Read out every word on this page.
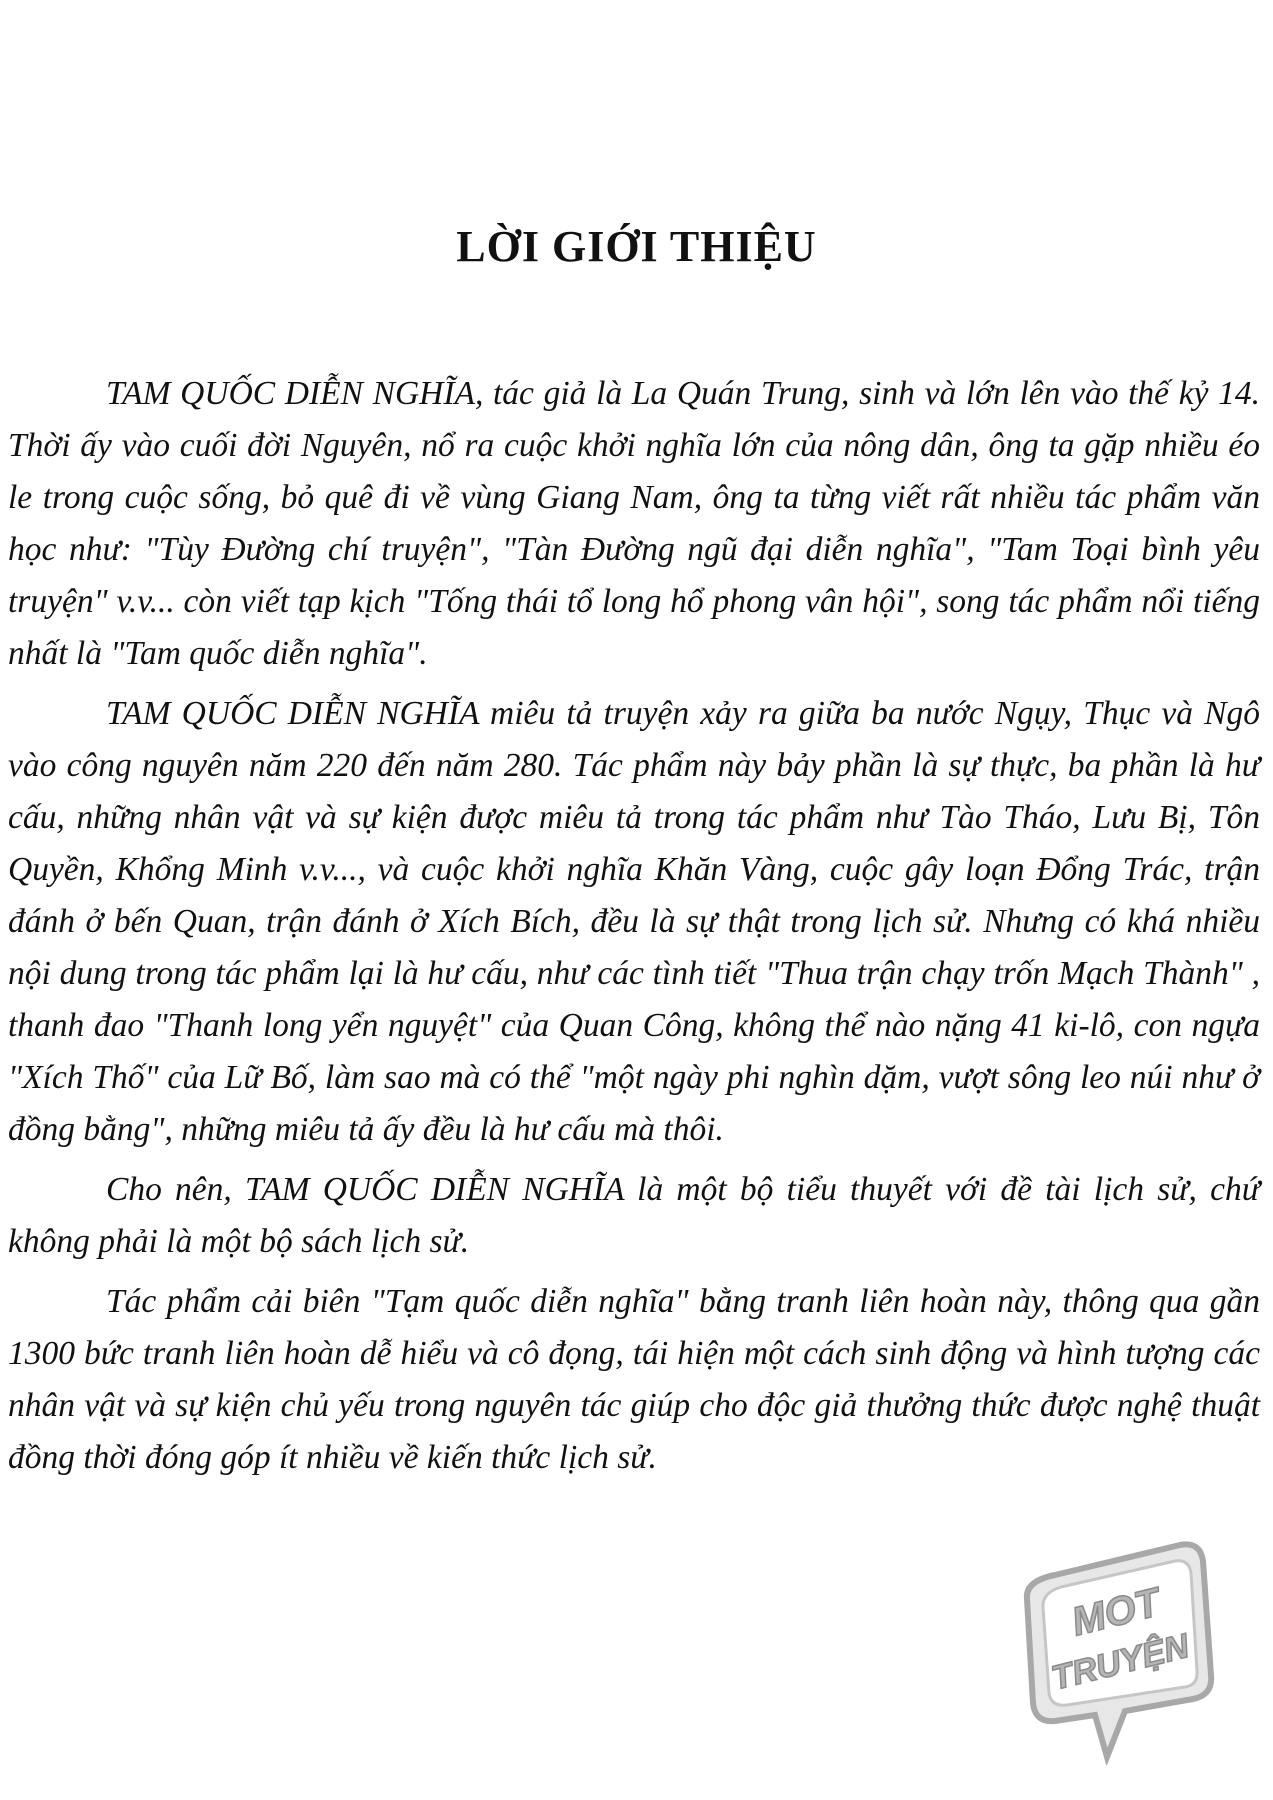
LỜI GIỚI THIỆU

TAM QUỐC DIỄN NGHĨA, tác giả là La Quán Trung, sinh và lớn lên vào thế kỷ 14. Thời ấy vào cuối đời Nguyên, nổ ra cuộc khởi nghĩa lớn của nông dân, ông ta gặp nhiều éo le trong cuộc sống, bỏ quê đi về vùng Giang Nam, ông ta từng viết rất nhiều tác phẩm văn học như: "Tùy Đường chí truyện", "Tàn Đường ngũ đại diễn nghĩa", "Tam Toại bình yêu truyện" v.v... còn viết tạp kịch "Tống thái tổ long hổ phong vân hội", song tác phẩm nổi tiếng nhất là "Tam quốc diễn nghĩa".

TAM QUỐC DIỄN NGHĨA miêu tả truyện xảy ra giữa ba nước Ngụy, Thục và Ngô vào công nguyên năm 220 đến năm 280. Tác phẩm này bảy phần là sự thực, ba phần là hư cấu, những nhân vật và sự kiện được miêu tả trong tác phẩm như Tào Tháo, Lưu Bị, Tôn Quyền, Khổng Minh v.v..., và cuộc khởi nghĩa Khăn Vàng, cuộc gây loạn Đổng Trác, trận đánh ở bến Quan, trận đánh ở Xích Bích, đều là sự thật trong lịch sử. Nhưng có khá nhiều nội dung trong tác phẩm lại là hư cấu, như các tình tiết "Thua trận chạy trốn Mạch Thành" , thanh đao "Thanh long yển nguyệt" của Quan Công, không thể nào nặng 41 ki-lô, con ngựa "Xích Thố" của Lữ Bố, làm sao mà có thể "một ngày phi nghìn dặm, vượt sông leo núi như ở đồng bằng", những miêu tả ấy đều là hư cấu mà thôi.

Cho nên, TAM QUỐC DIỄN NGHĨA là một bộ tiểu thuyết với đề tài lịch sử, chứ không phải là một bộ sách lịch sử.

Tác phẩm cải biên "Tạm quốc diễn nghĩa" bằng tranh liên hoàn này, thông qua gần 1300 bức tranh liên hoàn dễ hiểu và cô đọng, tái hiện một cách sinh động và hình tượng các nhân vật và sự kiện chủ yếu trong nguyên tác giúp cho độc giả thưởng thức được nghệ thuật đồng thời đóng góp ít nhiều về kiến thức lịch sử.

MOT
TRUYỆN
